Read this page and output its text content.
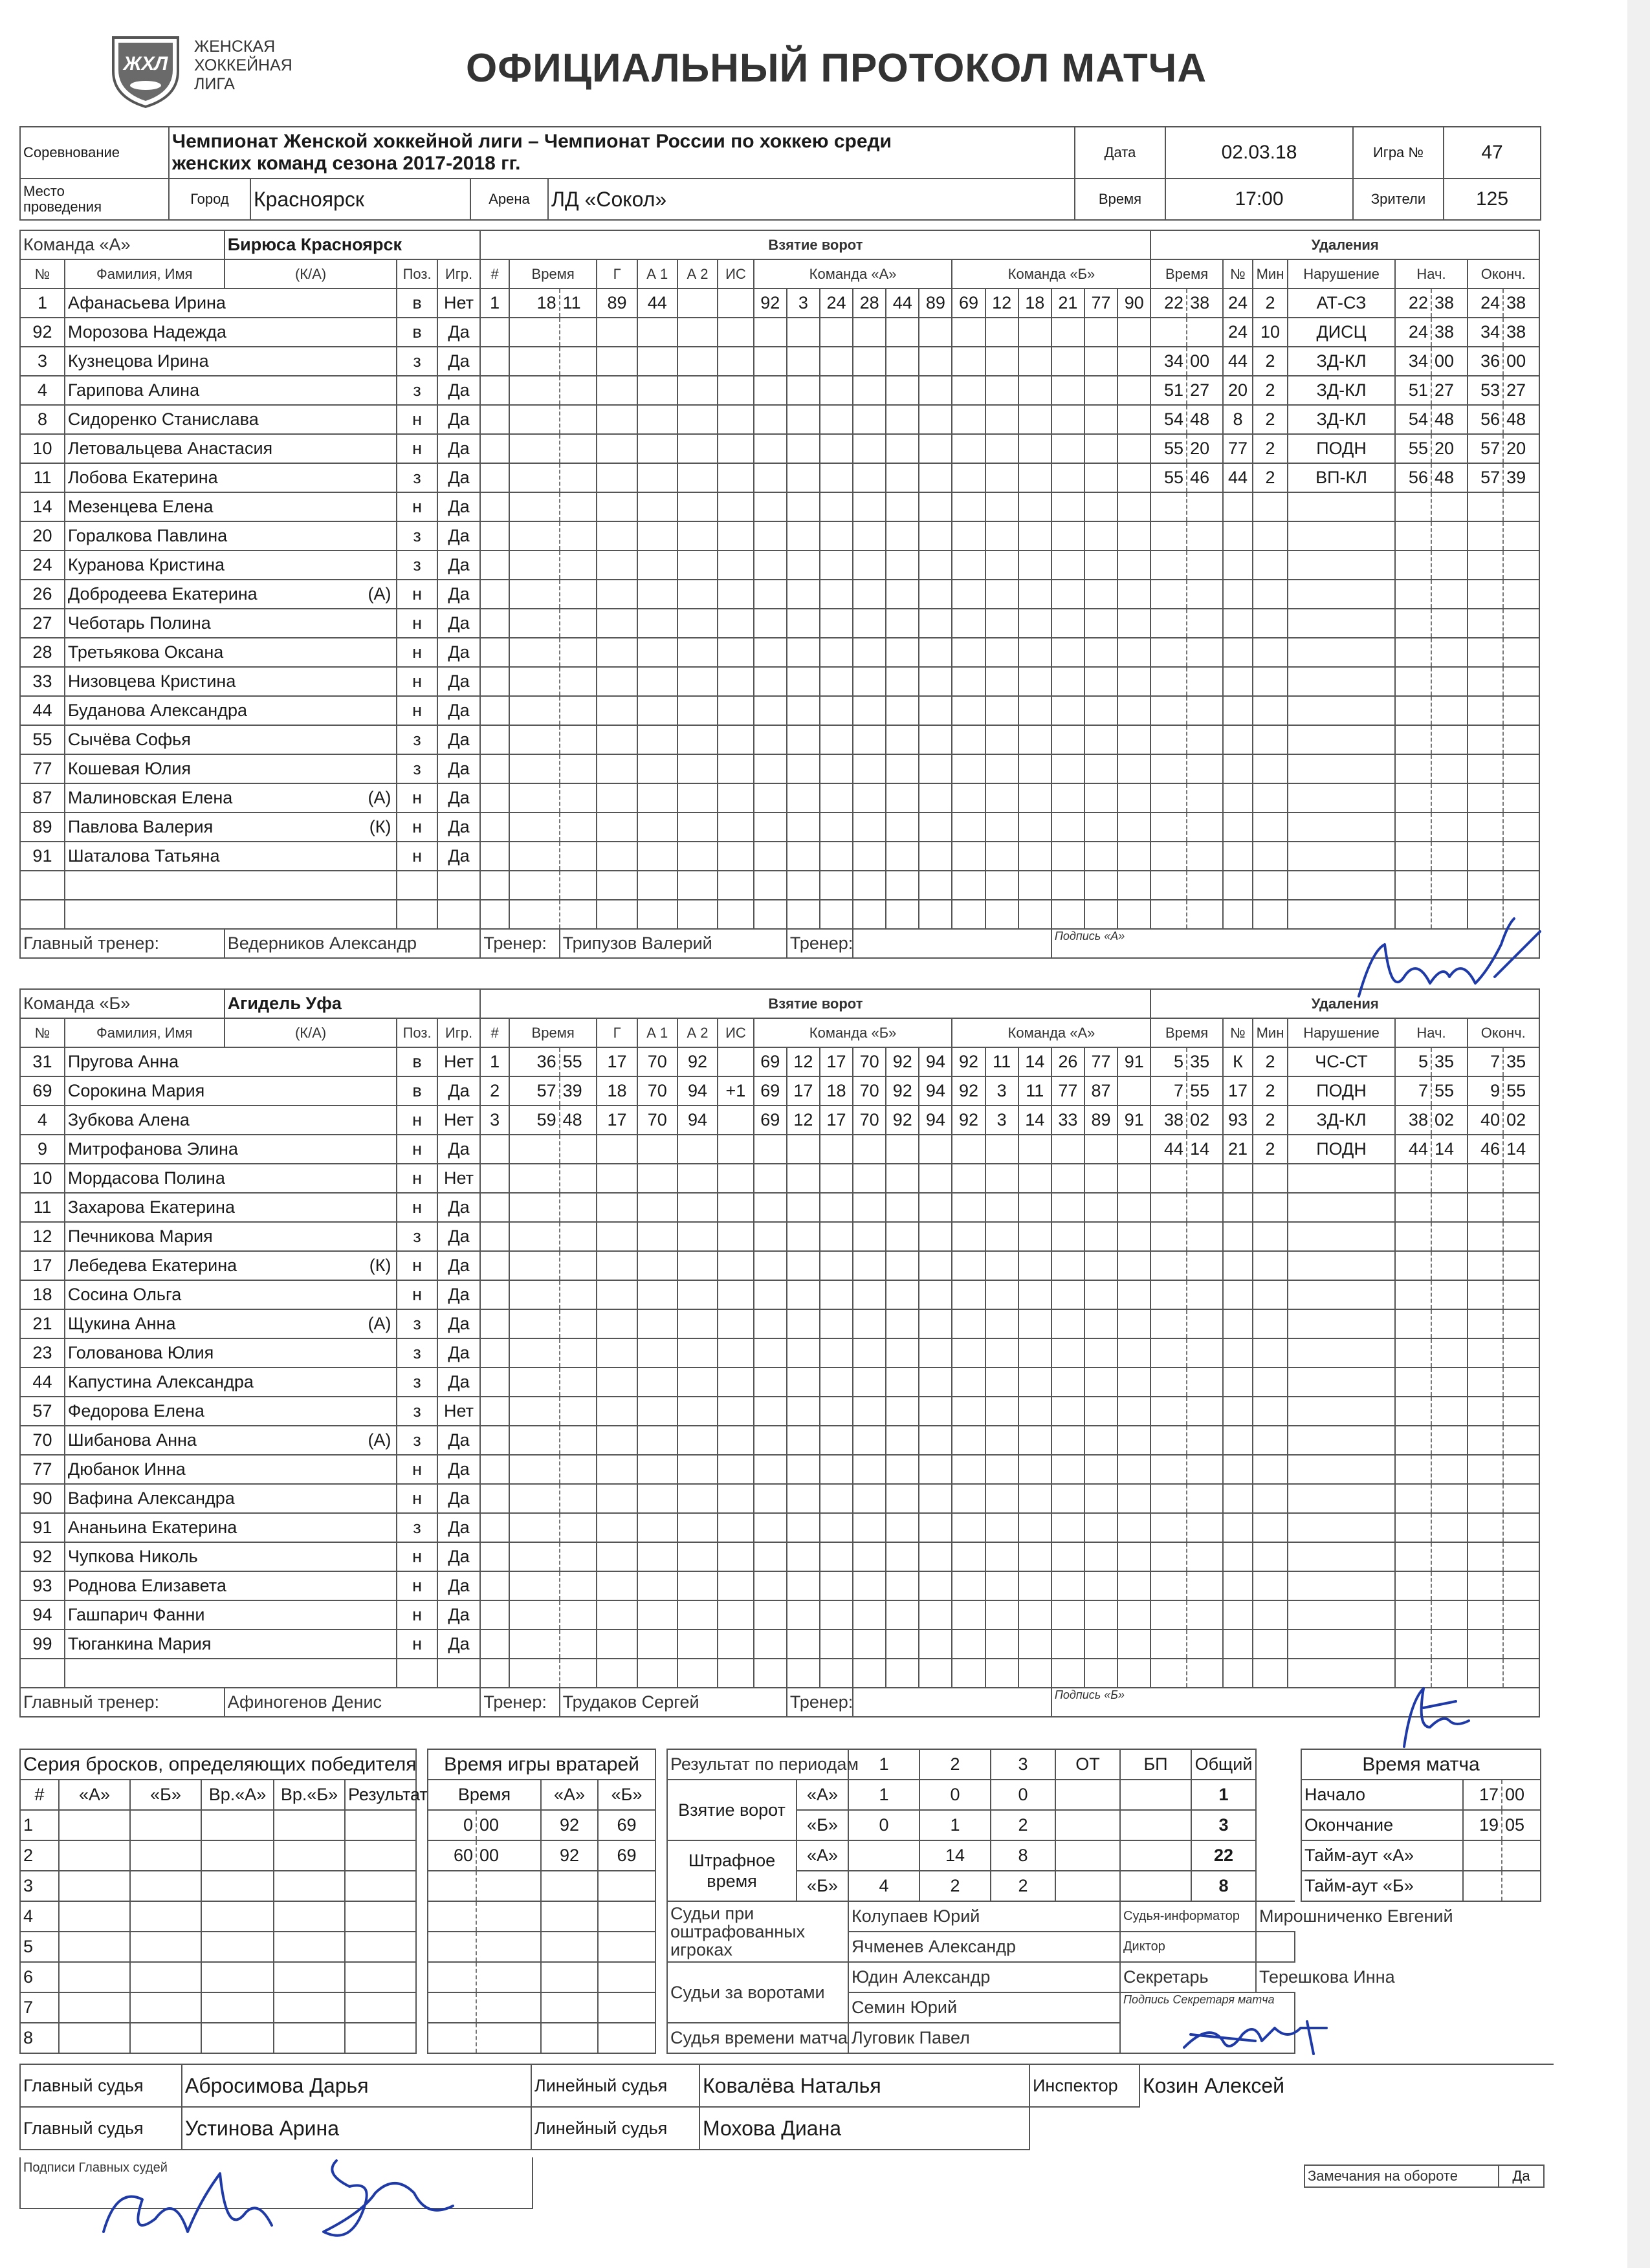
ЖХЛ
ЖЕНСКАЯ
ХОККЕЙНАЯ
ЛИГА	ОФИЦИАЛЬНЫЙ ПРОТОКОЛ МАТЧА
Соревнование	Чемпионат Женской хоккейной лиги – Чемпионат России по хоккею среди
женских команд сезона 2017-2018 гг.				Дата	02.03.18	Игра №	47

Место
проведения	Город	Красноярск	Арена	ЛД «Сокол»	Время	17:00	Зрители	125
Команда «А»		Бирюса Красноярск			Взятие ворот																			Удаления								
№	Фамилия, Имя	(К/А)	Поз.	Игр.	#	Время		Г	А 1	А 2	ИС	Команда «А»						Команда «Б»						Время		№	Мин	Нарушение	Нач.		Оконч.	
1	Афанасьева Ирина		в	Нет	1	18	11	89	44			92	3	24	28	44	89	69	12	18	21	77	90	22	38	24	2	АТ-СЗ	22	38	24	38
92	Морозова Надежда		в	Да																						24	10	ДИСЦ	24	38	34	38
3	Кузнецова Ирина		з	Да																				34	00	44	2	ЗД-КЛ	34	00	36	00
4	Гарипова Алина		з	Да																				51	27	20	2	ЗД-КЛ	51	27	53	27
8	Сидоренко Станислава		н	Да																				54	48	8	2	ЗД-КЛ	54	48	56	48
10	Летовальцева Анастасия		н	Да																				55	20	77	2	ПОДН	55	20	57	20
11	Лобова Екатерина		з	Да																				55	46	44	2	ВП-КЛ	56	48	57	39
14	Мезенцева Елена		н	Да																												
20	Горалкова Павлина		з	Да																												
24	Куранова Кристина		з	Да																												
26	Добродеева Екатерина (А)		н	Да																												
27	Чеботарь Полина		н	Да																												
28	Третьякова Оксана		н	Да																												
33	Низовцева Кристина		н	Да																												
44	Буданова Александра		н	Да																												
55	Сычёва Софья		з	Да																												
77	Кошевая Юлия		з	Да																												
87	Малиновская Елена (А)		н	Да																												
89	Павлова Валерия (К)		н	Да																												
91	Шаталова Татьяна		н	Да																												

Главный тренер:		Ведерников Александр			Тренер:		Трипузов Валерий						Тренер:								Подпись «А»											
Команда «Б»		Агидель Уфа			Взятие ворот																			Удаления								
№	Фамилия, Имя	(К/А)	Поз.	Игр.	#	Время		Г	А 1	А 2	ИС	Команда «Б»						Команда «А»						Время		№	Мин	Нарушение	Нач.		Оконч.	
31	Пругова Анна		в	Нет	1	36	55	17	70	92		69	12	17	70	92	94	92	11	14	26	77	91	5	35	К	2	ЧС-СТ	5	35	7	35
69	Сорокина Мария		в	Да	2	57	39	18	70	94	+1	69	17	18	70	92	94	92	3	11	77	87		7	55	17	2	ПОДН	7	55	9	55
4	Зубкова Алена		н	Нет	3	59	48	17	70	94		69	12	17	70	92	94	92	3	14	33	89	91	38	02	93	2	ЗД-КЛ	38	02	40	02
9	Митрофанова Элина		н	Да																				44	14	21	2	ПОДН	44	14	46	14
10	Мордасова Полина		н	Нет																												
11	Захарова Екатерина		н	Да																												
12	Печникова Мария		з	Да																												
17	Лебедева Екатерина (К)		н	Да																												
18	Сосина Ольга		н	Да																												
21	Щукина Анна (А)		з	Да																												
23	Голованова Юлия		з	Да																												
44	Капустина Александра		з	Да																												
57	Федорова Елена		з	Нет																												
70	Шибанова Анна (А)		з	Да																												
77	Дюбанок Инна		н	Да																												
90	Вафина Александра		н	Да																												
91	Ананьина Екатерина		з	Да																												
92	Чупкова Николь		н	Да																												
93	Роднова Елизавета		н	Да																												
94	Гашпарич Фанни		н	Да																												
99	Тюганкина Мария		н	Да																												

Главный тренер:		Афиногенов Денис			Тренер:		Трудаков Сергей						Тренер:								Подпись «Б»											
Серия бросков, определяющих победителя					
#	«А»	«Б»	Вр.«А»	Вр.«Б»	Результат
1					
2					
3					
4					
5					
6					
7					
8					
Время игры вратарей			
Время		«А»	«Б»
0	00	92	69
60	00	92	69

Результат по периодам		1	2	3	ОТ	БП	Общий	
Взятие ворот	«А»	1	0	0			1	
	«Б»	0	1	2			3	
Штрафное время	«А»		14	8			22	
	«Б»	4	2	2			8	
Судьи при оштрафованных игроках		Колупаев Юрий				Судья-информатор		Мирошниченко Евгений
		Ячменев Александр				Диктор		
Судьи за воротами		Юдин Александр				Секретарь		Терешкова Инна
		Семин Юрий				Подпись Секретаря матча		
Судья времени матча		Луговик Павел						
Время матча		
Начало	17	00
Окончание	19	05
Тайм-аут «А»		
Тайм-аут «Б»		
Главный судья	Абросимова Дарья	Линейный судья	Ковалёва Наталья	Инспектор	Козин Алексей
Главный судья	Устинова Арина	Линейный судья	Мохова Диана		
Подписи Главных судей	Замечания на обороте	Да
